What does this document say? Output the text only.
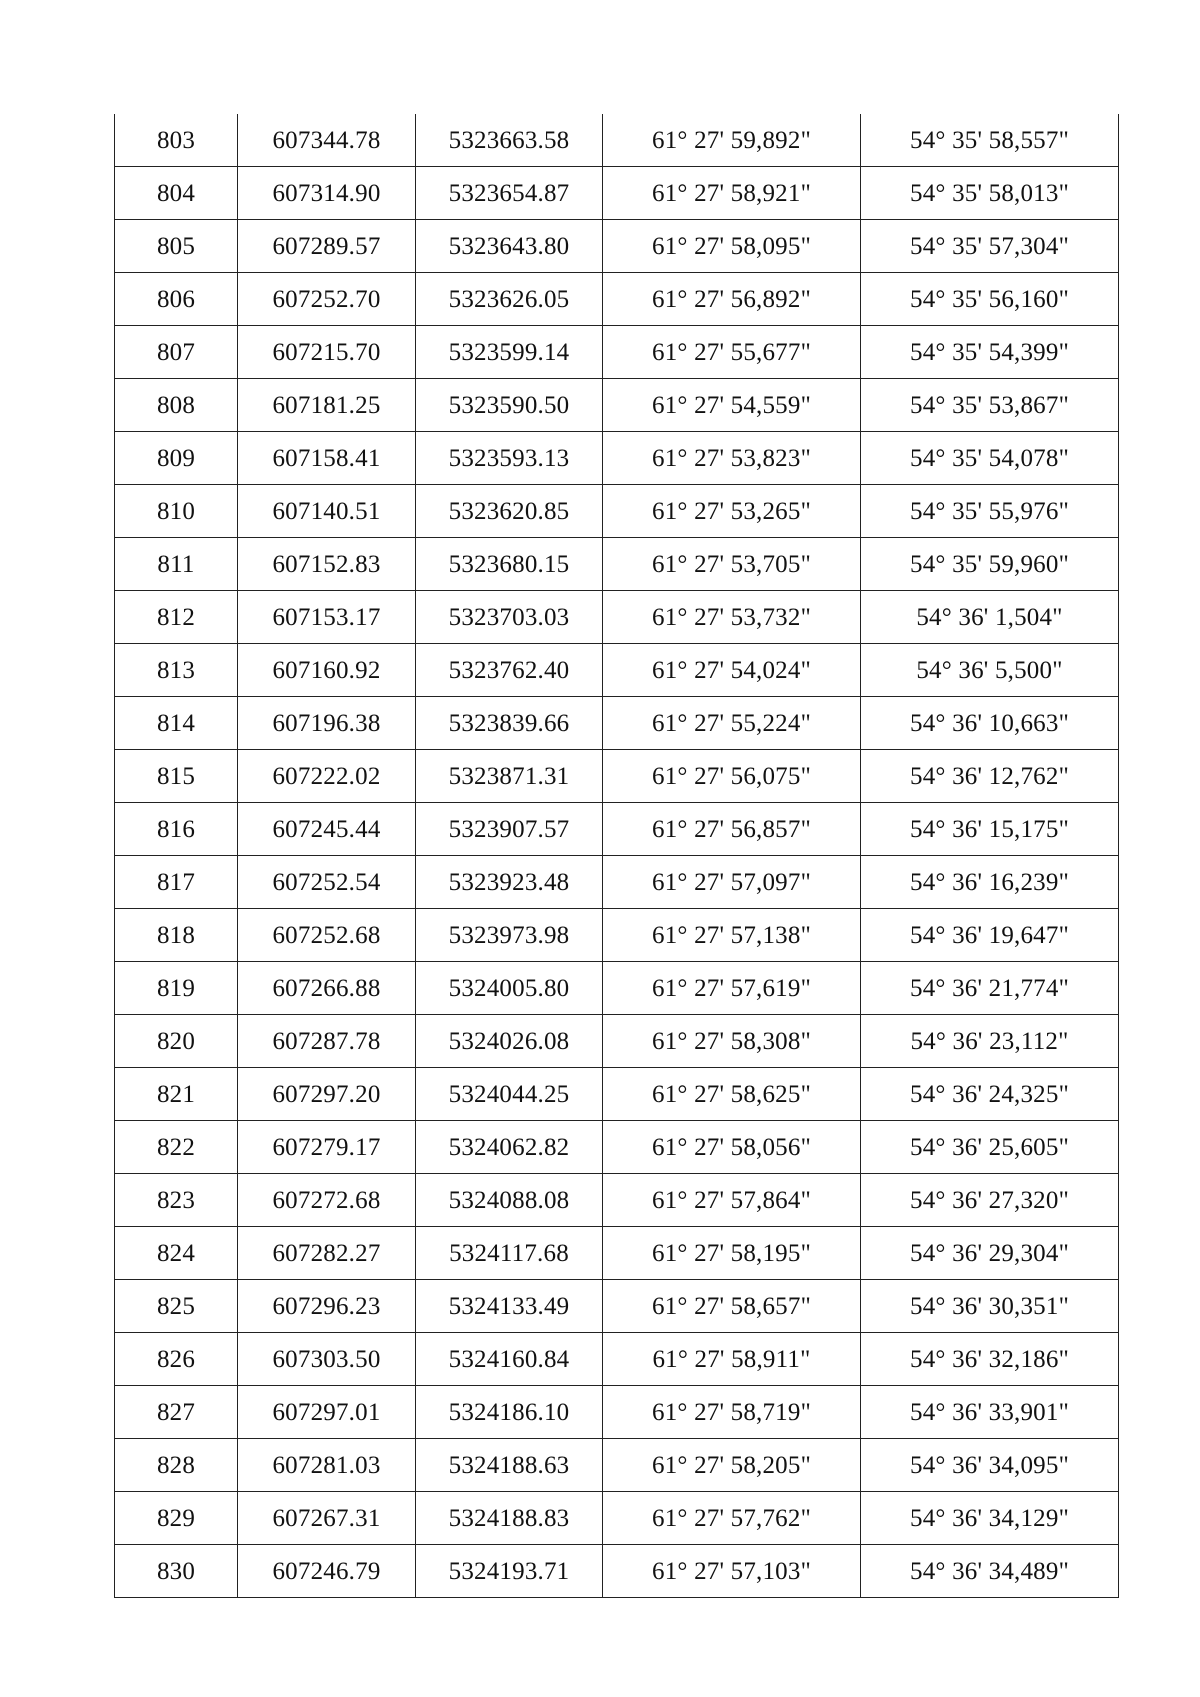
803	607344.78	5323663.58	61° 27' 59,892"	54° 35' 58,557"
804	607314.90	5323654.87	61° 27' 58,921"	54° 35' 58,013"
805	607289.57	5323643.80	61° 27' 58,095"	54° 35' 57,304"
806	607252.70	5323626.05	61° 27' 56,892"	54° 35' 56,160"
807	607215.70	5323599.14	61° 27' 55,677"	54° 35' 54,399"
808	607181.25	5323590.50	61° 27' 54,559"	54° 35' 53,867"
809	607158.41	5323593.13	61° 27' 53,823"	54° 35' 54,078"
810	607140.51	5323620.85	61° 27' 53,265"	54° 35' 55,976"
811	607152.83	5323680.15	61° 27' 53,705"	54° 35' 59,960"
812	607153.17	5323703.03	61° 27' 53,732"	54° 36' 1,504"
813	607160.92	5323762.40	61° 27' 54,024"	54° 36' 5,500"
814	607196.38	5323839.66	61° 27' 55,224"	54° 36' 10,663"
815	607222.02	5323871.31	61° 27' 56,075"	54° 36' 12,762"
816	607245.44	5323907.57	61° 27' 56,857"	54° 36' 15,175"
817	607252.54	5323923.48	61° 27' 57,097"	54° 36' 16,239"
818	607252.68	5323973.98	61° 27' 57,138"	54° 36' 19,647"
819	607266.88	5324005.80	61° 27' 57,619"	54° 36' 21,774"
820	607287.78	5324026.08	61° 27' 58,308"	54° 36' 23,112"
821	607297.20	5324044.25	61° 27' 58,625"	54° 36' 24,325"
822	607279.17	5324062.82	61° 27' 58,056"	54° 36' 25,605"
823	607272.68	5324088.08	61° 27' 57,864"	54° 36' 27,320"
824	607282.27	5324117.68	61° 27' 58,195"	54° 36' 29,304"
825	607296.23	5324133.49	61° 27' 58,657"	54° 36' 30,351"
826	607303.50	5324160.84	61° 27' 58,911"	54° 36' 32,186"
827	607297.01	5324186.10	61° 27' 58,719"	54° 36' 33,901"
828	607281.03	5324188.63	61° 27' 58,205"	54° 36' 34,095"
829	607267.31	5324188.83	61° 27' 57,762"	54° 36' 34,129"
830	607246.79	5324193.71	61° 27' 57,103"	54° 36' 34,489"
